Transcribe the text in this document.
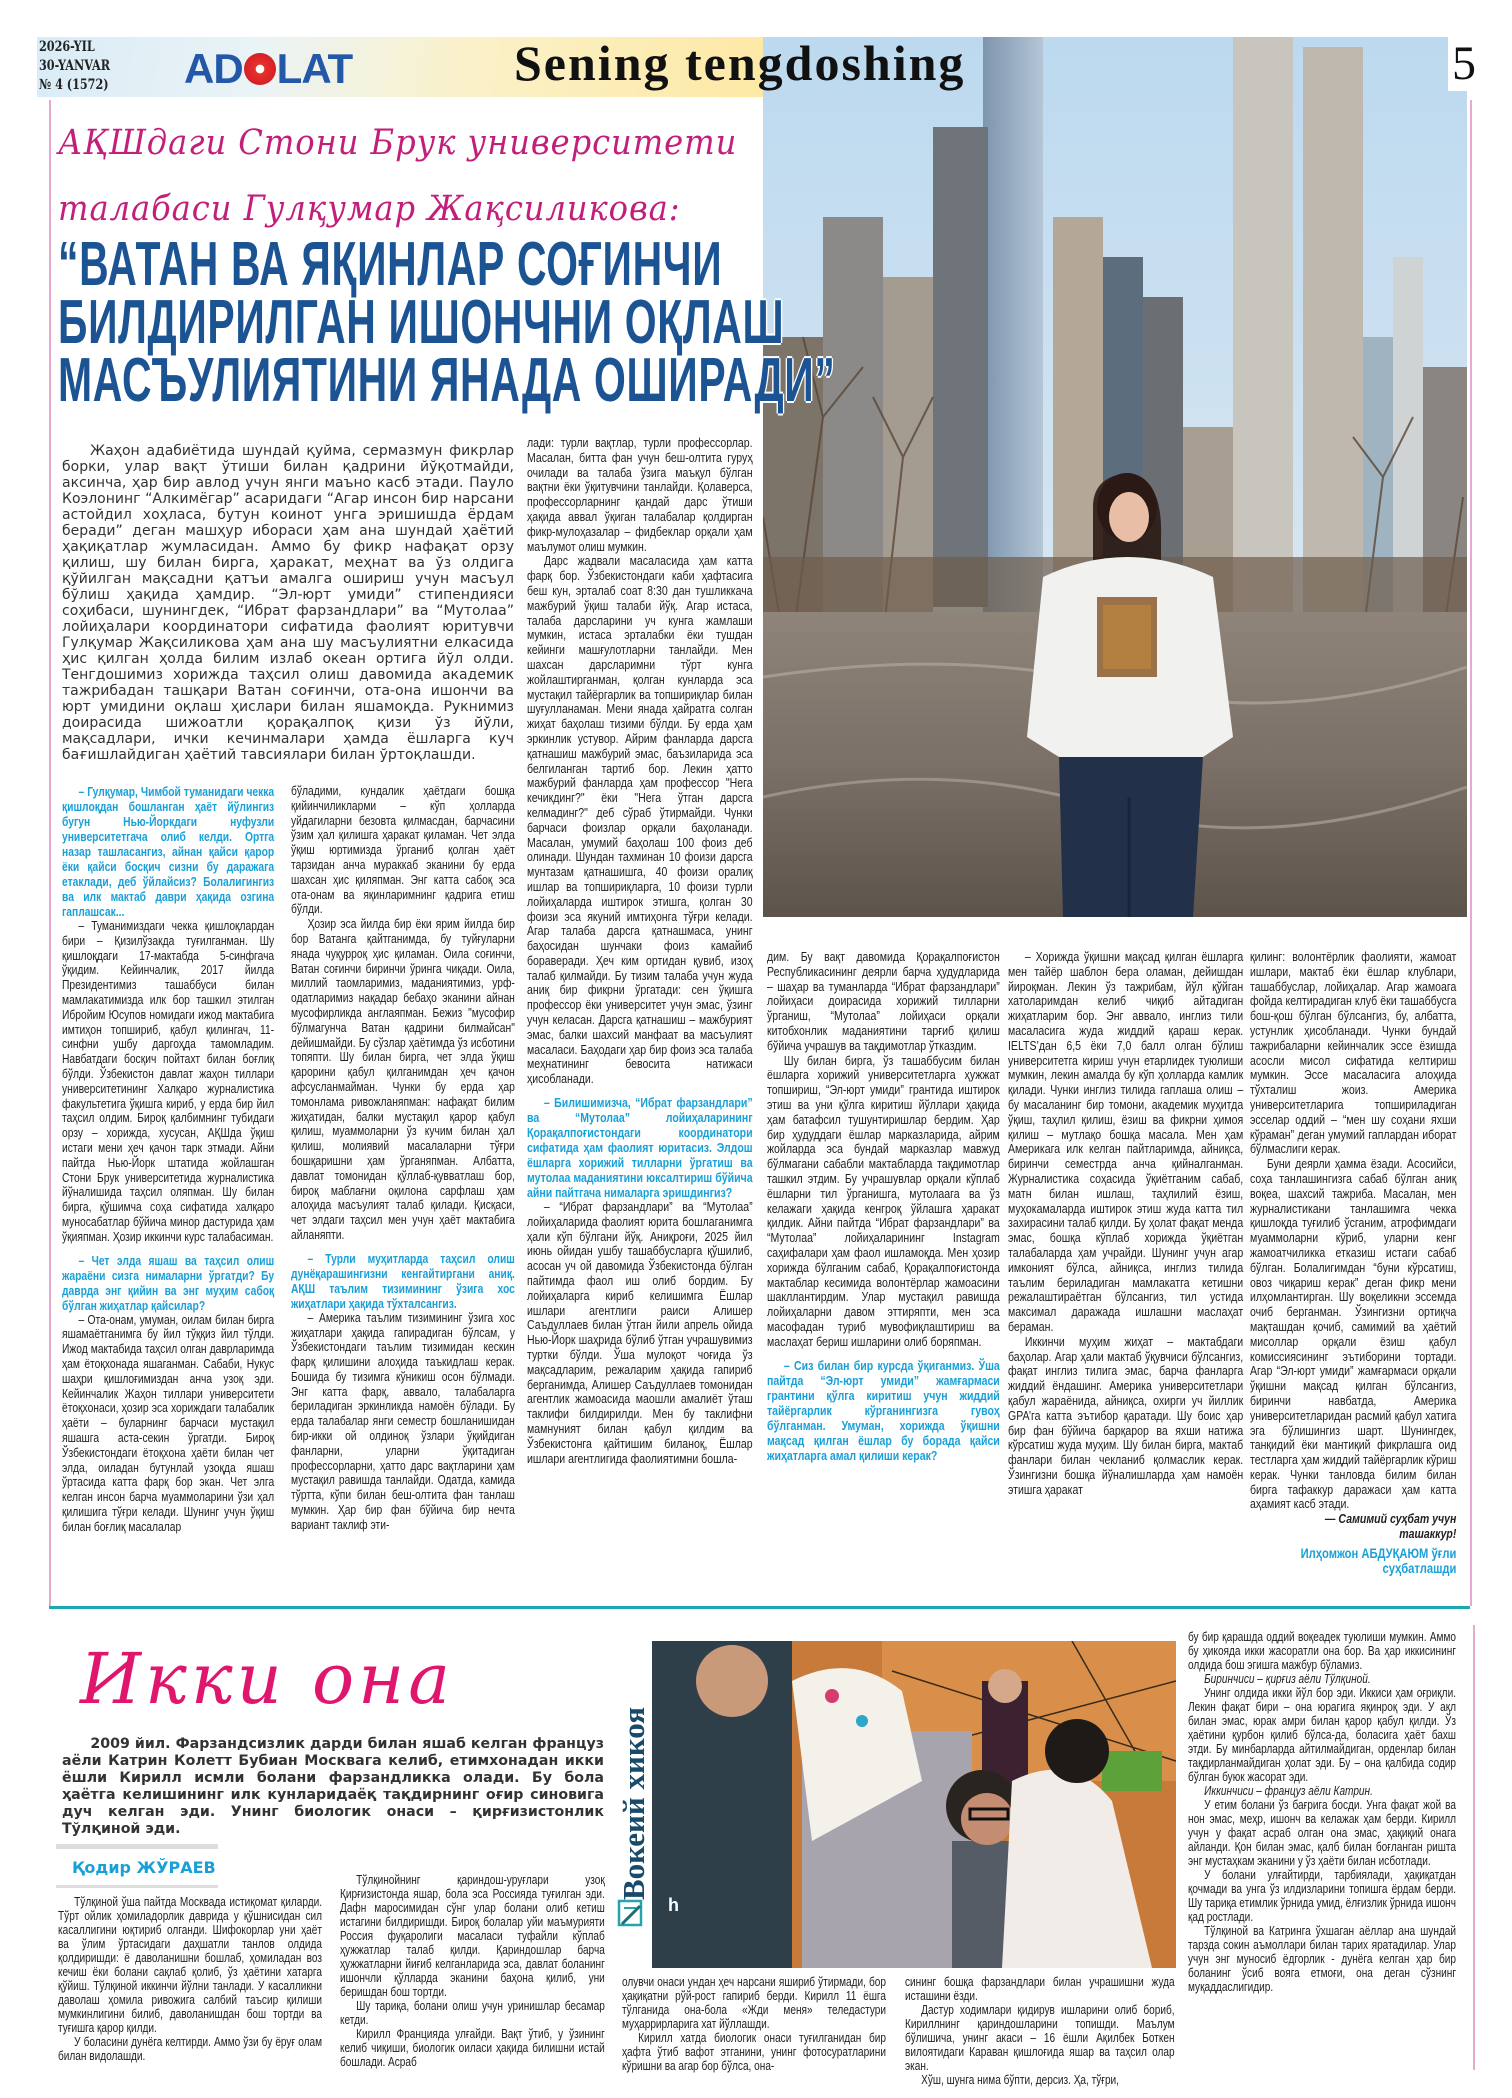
2026-YIL
30-YANVAR
№ 4 (1572) AD LAT	Sening tengdoshing	5
АҚШдаги Стони Брук университети
талабаси Гулқумар Жақсиликова:
“ВАТАН ВА ЯҚИНЛАР СОҒИНЧИ
БИЛДИРИЛГАН ИШОНЧНИ ОҚЛАШ
МАСЪУЛИЯТИНИ ЯНАДА ОШИРАДИ”

Жаҳон адабиётида шундай қуйма, сермазмун фикрлар борки, улар вақт ўтиши билан қадрини йўқотмайди, аксинча, ҳар бир авлод учун янги маъно касб этади. Пауло Коэлонинг “Алкимёгар” асаридаги “Агар инсон бир нарсани астойдил хоҳласа, бутун коинот унга эришишда ёрдам беради” деган машҳур ибораси ҳам ана шундай ҳаётий ҳақиқатлар жумласидан. Аммо бу фикр нафақат орзу қилиш, шу билан бирга, ҳаракат, меҳнат ва ўз олдига қўйилган мақсадни қатъи амалга ошириш учун масъул бўлиш ҳақида ҳамдир. “Эл-юрт умиди” стипендияси соҳибаси, шунингдек, “Ибрат фарзандлари” ва “Мутолаа” лойиҳалари координатори сифатида фаолият юритувчи Гулқумар Жақсиликова ҳам ана шу масъулиятни елкасида ҳис қилган ҳолда билим излаб океан ортига йўл олди. Тенгдошимиз хорижда таҳсил олиш давомида академик тажрибадан ташқари Ватан соғинчи, ота-она ишончи ва юрт умидини оқлаш ҳислари билан яшамоқда. Рукнимиз доирасида шижоатли қорақалпоқ қизи ўз йўли, мақсадлари, ички кечинмалари ҳамда ёшларга куч бағишлайдиган ҳаётий тавсиялари билан ўртоқлашди.

– Гулқумар, Чимбой туманидаги чекка қишлоқдан бошланган ҳаёт йўлингиз бугун Нью-Йоркдаги нуфузли университетгача олиб келди. Ортга назар ташласангиз, айнан қайси қарор ёки қайси босқич сизни бу даражага етаклади, деб ўйлайсиз? Болалигингиз ва илк мактаб даври ҳақида озгина гаплашсак...

– Туманимиздаги чекка қишлоқлардан бири – Қизилўзакда туғилганман. Шу қишлоқдаги 17-мактабда 5-синфгача ўқидим. Кейинчалик, 2017 йилда Президентимиз ташаббуси билан мамлакатимизда илк бор ташкил этилган Ибройим Юсупов номидаги ижод мактабига имтиҳон топшириб, қабул қилингач, 11-синфни ушбу даргоҳда тамомладим. Навбатдаги босқич пойтахт билан боғлиқ бўлди. Ўзбекистон давлат жаҳон тиллари университетининг Халқаро журналистика факультетига ўқишга кириб, у ерда бир йил таҳсил олдим. Бироқ қалбимнинг тубидаги орзу – хорижда, хусусан, АҚШда ўқиш истаги мени ҳеч қачон тарк этмади. Айни пайтда Нью-Йорк штатида жойлашган Стони Брук университетида журналистика йўналишида таҳсил оляпман. Шу билан бирга, қўшимча соҳа сифатида халқаро муносабатлар бўйича минор дастурида ҳам ўқияпман. Ҳозир иккинчи курс талабасиман.

– Чет элда яшаш ва таҳсил олиш жараёни сизга нималарни ўргатди? Бу даврда энг қийин ва энг муҳим сабоқ бўлган жиҳатлар қайсилар?

– Ота-онам, умуман, оилам билан бирга яшамаётганимга бу йил тўққиз йил тўлди. Ижод мактабида таҳсил олган даврларимда ҳам ётоқхонада яшаганман. Сабаби, Нукус шаҳри қишлоғимиздан анча узоқ эди. Кейинчалик Жаҳон тиллари университети ётоқхонаси, ҳозир эса хориждаги талабалик ҳаёти – буларнинг барчаси мустақил яшашга аста-секин ўргатди. Бироқ Ўзбекистондаги ётоқхона ҳаёти билан чет элда, оиладан бутунлай узоқда яшаш ўртасида катта фарқ бор экан. Чет элга келган инсон барча муаммоларини ўзи ҳал қилишига тўғри келади. Шунинг учун ўқиш билан боғлиқ масалалар

бўладими, кундалик ҳаётдаги бошқа қийинчиликларми – кўп ҳолларда уйдагиларни безовта қилмасдан, барчасини ўзим ҳал қилишга ҳаракат қиламан. Чет элда ўқиш юртимизда ўрганиб қолган ҳаёт тарзидан анча мураккаб эканини бу ерда шахсан ҳис қиляпман. Энг катта сабоқ эса ота-онам ва яқинларимнинг қадрига етиш бўлди.

Ҳозир эса йилда бир ёки ярим йилда бир бор Ватанга қайтганимда, бу туйғуларни янада чуқурроқ ҳис қиламан. Оила соғинчи, Ватан соғинчи биринчи ўринга чиқади. Оила, миллий таомларимиз, маданиятимиз, урф-одатларимиз нақадар бебаҳо эканини айнан мусофирликда англаяпман. Бежиз "мусофир бўлмагунча Ватан қадрини билмайсан" дейишмайди. Бу сўзлар ҳаётимда ўз исботини топяпти. Шу билан бирга, чет элда ўқиш қарорини қабул қилганимдан ҳеч қачон афсусланмайман. Чунки бу ерда ҳар томонлама ривожланяпман: нафақат билим жиҳатидан, балки мустақил қарор қабул қилиш, муаммоларни ўз кучим билан ҳал қилиш, молиявий масалаларни тўғри бошқаришни ҳам ўрганяпман. Албатта, давлат томонидан қўллаб-қувватлаш бор, бироқ маблағни оқилона сарфлаш ҳам алоҳида масъулият талаб қилади. Қисқаси, чет элдаги таҳсил мен учун ҳаёт мактабига айланяпти.

– Турли муҳитларда таҳсил олиш дунёқарашингизни кенгайтиргани аниқ. АҚШ таълим тизимининг ўзига хос жиҳатлари ҳақида тўхталсангиз.

– Америка таълим тизимининг ўзига хос жиҳатлари ҳақида гапирадиган бўлсам, у Ўзбекистондаги таълим тизимидан кескин фарқ қилишини алоҳида таъкидлаш керак. Бошида бу тизимга кўникиш осон бўлмади. Энг катта фарқ, аввало, талабаларга бериладиган эркинликда намоён бўлади. Бу ерда талабалар янги семестр бошланишидан бир-икки ой олдиноқ ўзлари ўқийдиган фанларни, уларни ўқитадиган профессорларни, ҳатто дарс вақтларини ҳам мустақил равишда танлайди. Одатда, камида тўртта, кўпи билан беш-олтита фан танлаш мумкин. Ҳар бир фан бўйича бир нечта вариант таклиф эти-

лади: турли вақтлар, турли профессорлар. Масалан, битта фан учун беш-олтита гуруҳ очилади ва талаба ўзига маъқул бўлган вақтни ёки ўқитувчини танлайди. Қолаверса, профессорларнинг қандай дарс ўтиши ҳақида аввал ўқиган талабалар қолдирган фикр-мулоҳазалар – фидбеклар орқали ҳам маълумот олиш мумкин.

Дарс жадвали масаласида ҳам катта фарқ бор. Ўзбекистондаги каби ҳафтасига беш кун, эрталаб соат 8:30 дан тушликкача мажбурий ўқиш талаби йўқ. Агар истаса, талаба дарсларини уч кунга жамлаши мумкин, истаса эрталабки ёки тушдан кейинги машғулотларни танлайди. Мен шахсан дарсларимни тўрт кунга жойлаштирганман, қолган кунларда эса мустақил тайёргарлик ва топшириқлар билан шуғулланаман. Мени янада ҳайратга солган жиҳат баҳолаш тизими бўлди. Бу ерда ҳам эркинлик устувор. Айрим фанларда дарсга қатнашиш мажбурий эмас, баъзиларида эса белгиланган тартиб бор. Лекин ҳатто мажбурий фанларда ҳам профессор "Нега кечикдинг?" ёки "Нега ўтган дарсга келмадинг?" деб сўраб ўтирмайди. Чунки барчаси фоизлар орқали баҳоланади. Масалан, умумий баҳолаш 100 фоиз деб олинади. Шундан тахминан 10 фоизи дарсга мунтазам қатнашишга, 40 фоизи оралиқ ишлар ва топшириқларга, 10 фоизи турли лойиҳаларда иштирок этишга, қолган 30 фоизи эса якуний имтиҳонга тўғри келади. Агар талаба дарсга қатнашмаса, унинг баҳосидан шунчаки фоиз камайиб бораверади. Ҳеч ким ортидан қувиб, изоҳ талаб қилмайди. Бу тизим талаба учун жуда аниқ бир фикрни ўргатади: сен ўқишга профессор ёки университет учун эмас, ўзинг учун келасан. Дарсга қатнашиш – мажбурият эмас, балки шахсий манфаат ва масъулият масаласи. Баҳодаги ҳар бир фоиз эса талаба меҳнатининг бевосита натижаси ҳисобланади.

– Билишимизча, “Ибрат фарзандлари” ва “Мутолаа” лойиҳаларининг Қорақалпоғистондаги координатори сифатида ҳам фаолият юритасиз. Элдош ёшларга хорижий тилларни ўргатиш ва мутолаа маданиятини юксалтириш бўйича айни пайтгача нималарга эришдингиз?

– “Ибрат фарзандлари” ва “Мутолаа” лойиҳаларида фаолият юрита бошлаганимга ҳали кўп бўлгани йўқ. Аниқроғи, 2025 йил июнь ойидан ушбу ташаббусларга қўшилиб, асосан уч ой давомида Ўзбекистонда бўлган пайтимда фаол иш олиб бордим. Бу лойиҳаларга кириб келишимга Ёшлар ишлари агентлиги раиси Алишер Саъдуллаев билан ўтган йили апрель ойида Нью-Йорк шаҳрида бўлиб ўтган учрашувимиз туртки бўлди. Ўша мулоқот чоғида ўз мақсадларим, режаларим ҳақида гапириб берганимда, Алишер Саъдуллаев томонидан агентлик жамоасида маошли амалиёт ўташ таклифи билдирилди. Мен бу таклифни мамнуният билан қабул қилдим ва Ўзбекистонга қайтишим биланоқ, Ёшлар ишлари агентлигида фаолиятимни бошла-

дим. Бу вақт давомида Қорақалпоғистон Республикасининг деярли барча ҳудудларида – шаҳар ва туманларда “Ибрат фарзандлари” лойиҳаси доирасида хорижий тилларни ўрганиш, “Мутолаа” лойиҳаси орқали китобхонлик маданиятини тарғиб қилиш бўйича учрашув ва тақдимотлар ўтказдим.

Шу билан бирга, ўз ташаббусим билан ёшларга хорижий университетларга ҳужжат топшириш, “Эл-юрт умиди” грантида иштирок этиш ва уни қўлга киритиш йўллари ҳақида ҳам батафсил тушунтиришлар бердим. Ҳар бир ҳудуддаги ёшлар марказларида, айрим жойларда эса бундай марказлар мавжуд бўлмагани сабабли мактабларда тақдимотлар ташкил этдим. Бу учрашувлар орқали кўплаб ёшларни тил ўрганишга, мутолаага ва ўз келажаги ҳақида кенгроқ ўйлашга ҳаракат қилдик. Айни пайтда “Ибрат фарзандлари” ва “Мутолаа” лойиҳаларининг Instagram саҳифалари ҳам фаол ишламоқда. Мен ҳозир хорижда бўлганим сабаб, Қорақалпоғистонда мактаблар кесимида волонтёрлар жамоасини шакллантирдим. Улар мустақил равишда лойиҳаларни давом эттиряпти, мен эса масофадан туриб мувофиқлаштириш ва маслаҳат бериш ишларини олиб боряпман.

– Сиз билан бир курсда ўқиганмиз. Ўша пайтда “Эл-юрт умиди” жамғармаси грантини қўлга киритиш учун жиддий тайёргарлик кўрганингизга гувоҳ бўлганман. Умуман, хорижда ўқишни мақсад қилган ёшлар бу борада қайси жиҳатларга амал қилиши керак?

– Хорижда ўқишни мақсад қилган ёшларга мен тайёр шаблон бера оламан, дейишдан йироқман. Лекин ўз тажрибам, йўл қўйган хатоларимдан келиб чиқиб айтадиган жиҳатларим бор. Энг аввало, инглиз тили масаласига жуда жиддий қараш керак. IELTS’дан 6,5 ёки 7,0 балл олган бўлиш университетга кириш учун етарлидек туюлиши мумкин, лекин амалда бу кўп ҳолларда камлик қилади. Чунки инглиз тилида гаплаша олиш – бу масаланинг бир томони, академик муҳитда ўқиш, таҳлил қилиш, ёзиш ва фикрни ҳимоя қилиш – мутлақо бошқа масала. Мен ҳам Америкага илк келган пайтларимда, айниқса, биринчи семестрда анча қийналганман. Журналистика соҳасида ўқиётганим сабаб, матн билан ишлаш, таҳлилий ёзиш, муҳокамаларда иштирок этиш жуда катта тил захирасини талаб қилди. Бу ҳолат фақат менда эмас, бошқа кўплаб хорижда ўқиётган талабаларда ҳам учрайди. Шунинг учун агар имконият бўлса, айниқса, инглиз тилида таълим бериладиган мамлакатга кетишни режалаштираётган бўлсангиз, тил устида максимал даражада ишлашни маслаҳат бераман.

Иккинчи муҳим жиҳат – мактабдаги баҳолар. Агар ҳали мактаб ўқувчиси бўлсангиз, фақат инглиз тилига эмас, барча фанларга жиддий ёндашинг. Америка университетлари қабул жараёнида, айниқса, охирги уч йиллик GPA’га катта эътибор қаратади. Шу боис ҳар бир фан бўйича барқарор ва яхши натижа кўрсатиш жуда муҳим. Шу билан бирга, мактаб фанлари билан чекланиб қолмаслик керак. Ўзингизни бошқа йўналишларда ҳам намоён этишга ҳаракат

қилинг: волонтёрлик фаолияти, жамоат ишлари, мактаб ёки ёшлар клублари, ташаббуслар, лойиҳалар. Агар жамоага фойда келтирадиган клуб ёки ташаббусга бош-қош бўлган бўлсангиз, бу, албатта, устунлик ҳисобланади. Чунки бундай тажрибаларни кейинчалик эссе ёзишда асосли мисол сифатида келтириш мумкин. Эссе масаласига алоҳида тўхталиш жоиз. Америка университетларига топшириладиган эсселар оддий – “мен шу соҳани яхши кўраман” деган умумий гаплардан иборат бўлмаслиги керак.

Буни деярли ҳамма ёзади. Асосийси, соҳа танлашингизга сабаб бўлган аниқ воқеа, шахсий тажриба. Масалан, мен журналистикани танлашимга чекка қишлоқда туғилиб ўсганим, атрофимдаги муаммоларни кўриб, уларни кенг жамоатчиликка етказиш истаги сабаб бўлган. Болалигимдан “буни кўрсатиш, овоз чиқариш керак” деган фикр мени илҳомлантирган. Шу воқеликни эссемда очиб берганман. Ўзингизни ортиқча мақташдан қочиб, самимий ва ҳаётий мисоллар орқали ёзиш қабул комиссиясининг эътиборини тортади. Агар “Эл-юрт умиди” жамғармаси орқали ўқишни мақсад қилган бўлсангиз, биринчи навбатда, Америка университетларидан расмий қабул хатига эга бўлишингиз шарт. Шунингдек, танқидий ёки мантиқий фикрлашга оид тестларга ҳам жиддий тайёргарлик кўриш керак. Чунки танловда билим билан бирга тафаккур даражаси ҳам катта аҳамият касб этади.

— Самимий суҳбат учун ташаккур!

Илҳомжон АБДУҚАЮМ ўғли
суҳбатлашди

Икки она

2009 йил. Фарзандсизлик дарди билан яшаб келган француз аёли Катрин Колетт Бубиан Москвага келиб, етимхонадан икки ёшли Кирилл исмли болани фарзандликка олади. Бу бола ҳаётга келишининг илк кунларидаёқ тақдирнинг оғир синовига дуч келган эди. Унинг биологик онаси – қирғизистонлик Тўлқиной эди.

Қодир ЖЎРАЕВ

Тўлқиной ўша пайтда Москвада истиқомат қиларди. Тўрт ойлик ҳомиладорлик даврида у қўшнисидан сил касаллигини юқтириб олганди. Шифокорлар уни ҳаёт ва ўлим ўртасидаги даҳшатли танлов олдида қолдиришди: ё даволанишни бошлаб, ҳомиладан воз кечиш ёки болани сақлаб қолиб, ўз ҳаётини хатарга қўйиш. Тўлқиной иккинчи йўлни танлади. У касалликни даволаш ҳомила ривожига салбий таъсир қилиши мумкинлигини билиб, даволанишдан бош тортди ва туғишга қарор қилди.

У боласини дунёга келтирди. Аммо ўзи бу ёруғ олам билан видолашди.

Тўлқинойнинг қариндош-уруғлари узоқ Қирғизистонда яшар, бола эса Россияда туғилган эди. Дафн маросимидан сўнг улар болани олиб кетиш истагини билдиришди. Бироқ болалар уйи маъмурияти Россия фуқаролиги масаласи туфайли кўплаб ҳужжатлар талаб қилди. Қариндошлар барча ҳужжатларни йиғиб келганларида эса, давлат боланинг ишончли қўлларда эканини баҳона қилиб, уни беришдан бош тортди.

Шу тариқа, болани олиш учун уринишлар бесамар кетди.

Кирилл Францияда улғайди. Вақт ўтиб, у ўзининг келиб чиқиши, биологик оиласи ҳақида билишни истай бошлади. Асраб

Вокеий хикоя
h

олувчи онаси ундан ҳеч нарсани яшириб ўтирмади, бор ҳақиқатни рўй-рост гапириб берди. Кирилл 11 ёшга тўлганида она-бола «Жди меня» теледастури муҳаррирларига хат йўллашди.

Кирилл хатда биологик онаси туғилганидан бир ҳафта ўтиб вафот этганини, унинг фотосуратларини кўришни ва агар бор бўлса, она-

сининг бошқа фарзандлари билан учрашишни жуда исташини ёзди.

Дастур ходимлари қидирув ишларини олиб бориб, Кириллнинг қариндошларини топишди. Маълум бўлишича, унинг акаси – 16 ёшли Ақилбек Боткен вилоятидаги Караван қишлоғида яшар ва таҳсил олар экан.

Хўш, шунга нима бўпти, дерсиз. Ҳа, тўғри,

бу бир қарашда оддий воқеадек туюлиши мумкин. Аммо бу ҳикояда икки жасоратли она бор. Ва ҳар иккисининг олдида бош эгишга мажбур бўламиз.

Биринчиси – қирғиз аёли Тўлқиной.

Унинг олдида икки йўл бор эди. Иккиси ҳам оғриқли. Лекин фақат бири – она юрагига яқинроқ эди. У ақл билан эмас, юрак амри билан қарор қабул қилди. Ўз ҳаётини қурбон қилиб бўлса-да, боласига ҳаёт бахш этди. Бу минбарларда айтилмайдиган, орденлар билан тақдирланмайдиган ҳолат эди. Бу – она қалбида содир бўлган буюк жасорат эди.

Иккинчиси – француз аёли Катрин.

У етим болани ўз бағрига босди. Унга фақат жой ва нон эмас, меҳр, ишонч ва келажак ҳам берди. Кирилл учун у фақат асраб олган она эмас, ҳақиқий онага айланди. Қон билан эмас, қалб билан боғланган ришта энг мустаҳкам эканини у ўз ҳаёти билан исботлади.

У болани улғайтирди, тарбиялади, ҳақиқатдан қочмади ва унга ўз илдизларини топишга ёрдам берди. Шу тариқа етимлик ўрнида умид, ёлғизлик ўрнида ишонч қад ростлади.

Тўлқиной ва Катринга ўхшаган аёллар ана шундай тарзда сокин аъмоллари билан тарих яратадилар. Улар учун энг муносиб ёдгорлик - дунёга келган ҳар бир боланинг ўсиб вояга етмоғи, она деган сўзнинг муқаддаслигидир.
